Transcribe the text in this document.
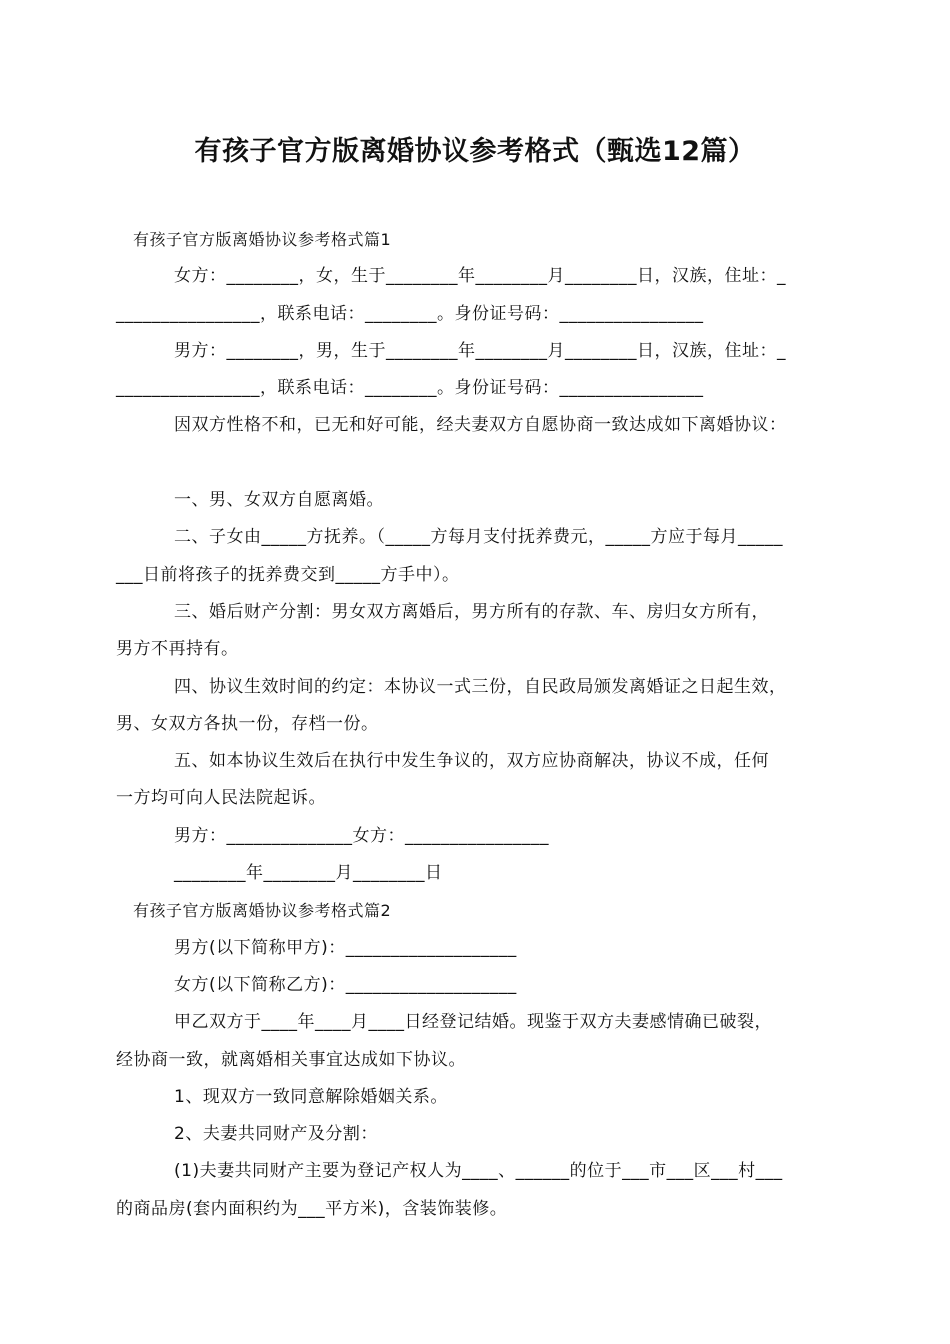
有孩子官方版离婚协议参考格式（甄选12篇）

有孩子官方版离婚协议参考格式篇1

女方：________，女，生于________年________月________日，汉族，住址：_

________________，联系电话：________。身份证号码：________________

男方：________，男，生于________年________月________日，汉族，住址：_

________________，联系电话：________。身份证号码：________________

因双方性格不和，已无和好可能，经夫妻双方自愿协商一致达成如下离婚协议：

一、男、女双方自愿离婚。

二、子女由_____方抚养。（_____方每月支付抚养费元，_____方应于每月_____

___日前将孩子的抚养费交到_____方手中）。

三、婚后财产分割：男女双方离婚后，男方所有的存款、车、房归女方所有，

男方不再持有。

四、协议生效时间的约定：本协议一式三份，自民政局颁发离婚证之日起生效，

男、女双方各执一份，存档一份。

五、如本协议生效后在执行中发生争议的，双方应协商解决，协议不成，任何

一方均可向人民法院起诉。

男方：______________女方：________________

________年________月________日

有孩子官方版离婚协议参考格式篇2

男方(以下简称甲方)：___________________

女方(以下简称乙方)：___________________

甲乙双方于____年____月____日经登记结婚。现鉴于双方夫妻感情确已破裂，

经协商一致，就离婚相关事宜达成如下协议。

1、现双方一致同意解除婚姻关系。

2、夫妻共同财产及分割：

(1)夫妻共同财产主要为登记产权人为____、______的位于___市___区___村___

的商品房(套内面积约为___平方米)，含装饰装修。
